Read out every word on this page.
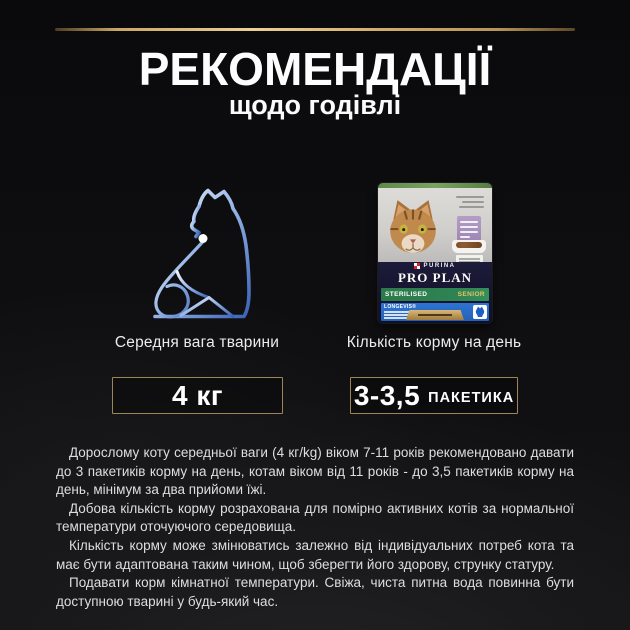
РЕКОМЕНДАЦІЇ
щодо годівлі
PURINA
PRO PLAN
STERILISED	SENIOR
LONGEVIS®
Середня вага тварини	Кількість корму на день
4 кг	3-3,5 ПАКЕТИКА

Дорослому коту середньої ваги (4 кг/kg) віком 7-11 років рекомендовано давати до 3 пакетиків корму на день, котам віком від 11 років - до 3,5 пакетиків корму на день, мінімум за два прийоми їжі.

Добова кількість корму розрахована для помірно активних котів за нормальної температури оточуючого середовища.

Кількість корму може змінюватись залежно від індивідуальних потреб кота та має бути адаптована таким чином, щоб зберегти його здорову, струнку статуру.

Подавати корм кімнатної температури. Свіжа, чиста питна вода повинна бути доступною тварині у будь-який час.
